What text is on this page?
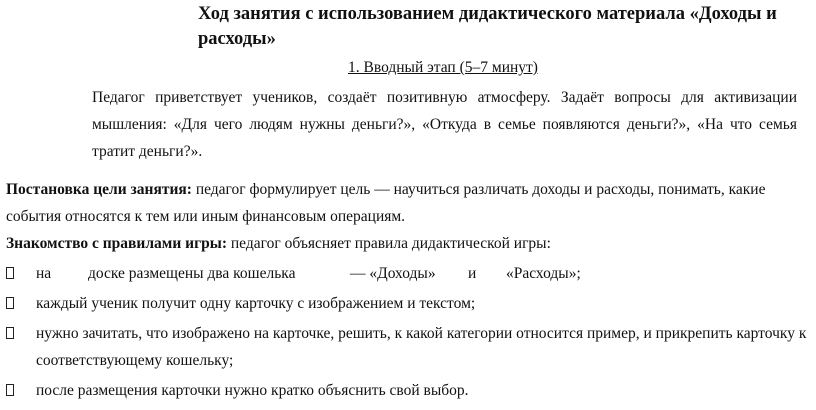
Ход занятия с использованием дидактического материала «Доходы и расходы»
1. Вводный этап (5–7 минут)

Педагог приветствует учеников, создаёт позитивную атмосферу. Задаёт вопросы для активизации мышления: «Для чего людям нужны деньги?», «Откуда в семье появляются деньги?», «На что семья тратит деньги?».

Постановка цели занятия: педагог формулирует цель — научиться различать доходы и расходы, понимать, какие события относятся к тем или иным финансовым операциям.

Знакомство с правилами игры: педагог объясняет правила дидактической игры:

на доске размещены два кошелька	— «Доходы» и «Расходы»;
каждый ученик получит одну карточку с изображением и текстом;
нужно зачитать, что изображено на карточке, решить, к какой категории относится пример, и прикрепить карточку к соответствующему кошельку;
после размещения карточки нужно кратко объяснить свой выбор.
